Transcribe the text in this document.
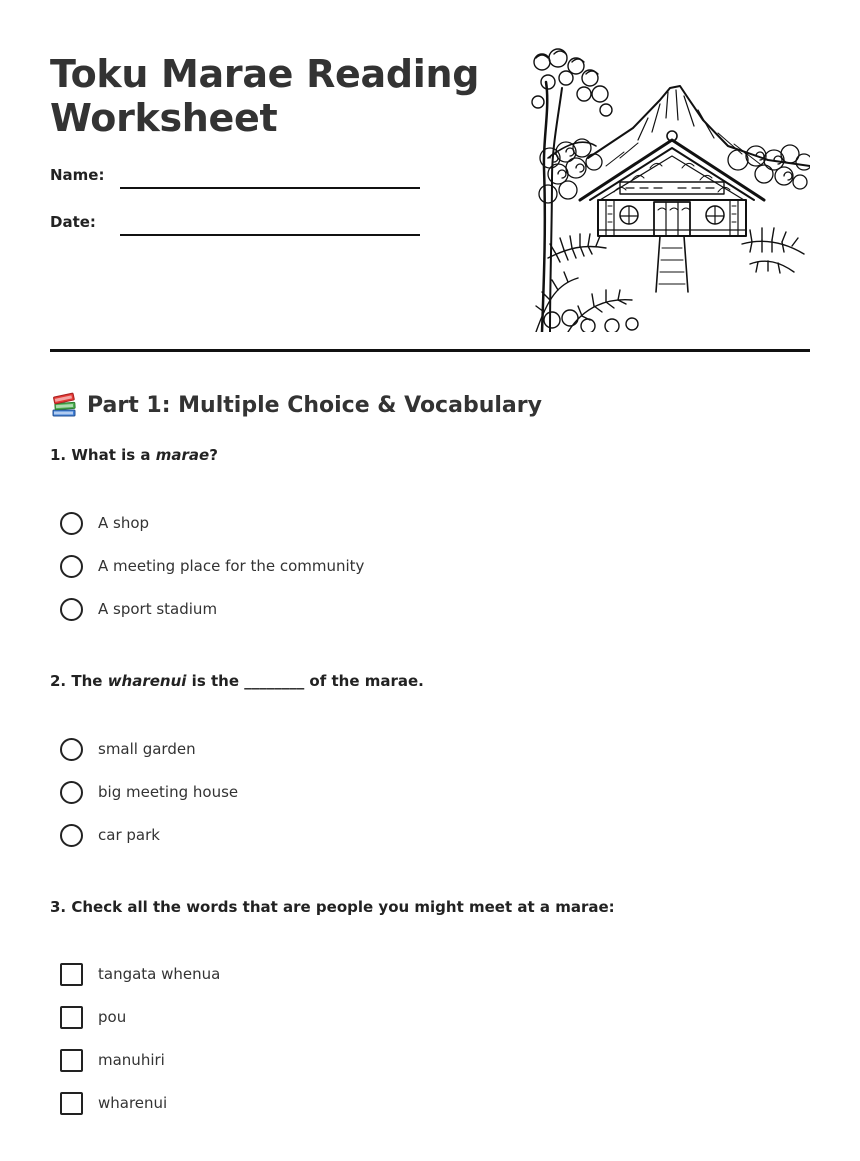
Toku Marae Reading
Worksheet
Name:
Date:
Part 1: Multiple Choice & Vocabulary
1. What is a marae?
A shop
A meeting place for the community
A sport stadium
2. The wharenui is the ________ of the marae.
small garden
big meeting house
car park
3. Check all the words that are people you might meet at a marae:
tangata whenua
pou
manuhiri
wharenui
